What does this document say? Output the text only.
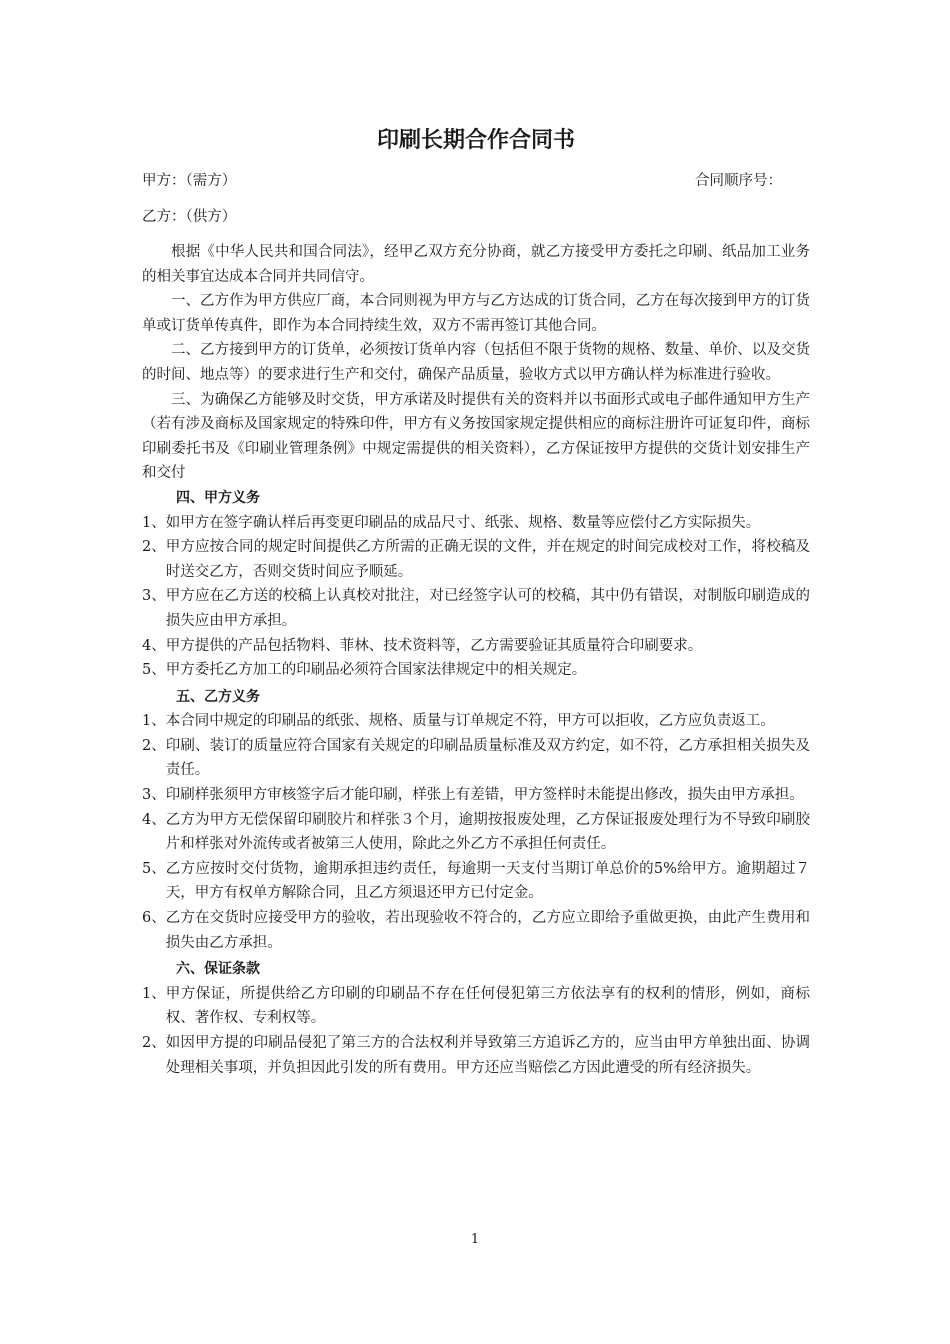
印刷长期合作合同书
甲方：（需方）	合同顺序号：
乙方：（供方）

根据《中华人民共和国合同法》，经甲乙双方充分协商，就乙方接受甲方委托之印刷、纸品加工业务的相关事宜达成本合同并共同信守。

一、乙方作为甲方供应厂商，本合同则视为甲方与乙方达成的订货合同，乙方在每次接到甲方的订货单或订货单传真件，即作为本合同持续生效，双方不需再签订其他合同。

二、乙方接到甲方的订货单，必须按订货单内容（包括但不限于货物的规格、数量、单价、以及交货的时间、地点等）的要求进行生产和交付，确保产品质量，验收方式以甲方确认样为标准进行验收。

三、为确保乙方能够及时交货，甲方承诺及时提供有关的资料并以书面形式或电子邮件通知甲方生产（若有涉及商标及国家规定的特殊印件，甲方有义务按国家规定提供相应的商标注册许可证复印件，商标印刷委托书及《印刷业管理条例》中规定需提供的相关资料），乙方保证按甲方提供的交货计划安排生产和交付

四、甲方义务

1、 如甲方在签字确认样后再变更印刷品的成品尺寸、纸张、规格、数量等应偿付乙方实际损失。
2、 甲方应按合同的规定时间提供乙方所需的正确无误的文件，并在规定的时间完成校对工作，将校稿及时送交乙方，否则交货时间应予顺延。
3、 甲方应在乙方送的校稿上认真校对批注，对已经签字认可的校稿，其中仍有错误，对制版印刷造成的损失应由甲方承担。
4、 甲方提供的产品包括物料、菲林、技术资料等，乙方需要验证其质量符合印刷要求。
5、 甲方委托乙方加工的印刷品必须符合国家法律规定中的相关规定。

五、乙方义务

1、 本合同中规定的印刷品的纸张、规格、质量与订单规定不符，甲方可以拒收，乙方应负责返工。
2、 印刷、装订的质量应符合国家有关规定的印刷品质量标准及双方约定，如不符，乙方承担相关损失及责任。
3、 印刷样张须甲方审核签字后才能印刷，样张上有差错，甲方签样时未能提出修改，损失由甲方承担。
4、 乙方为甲方无偿保留印刷胶片和样张３个月，逾期按报废处理，乙方保证报废处理行为不导致印刷胶片和样张对外流传或者被第三人使用，除此之外乙方不承担任何责任。
5、 乙方应按时交付货物，逾期承担违约责任，每逾期一天支付当期订单总价的5%给甲方。逾期超过７天，甲方有权单方解除合同，且乙方须退还甲方已付定金。
6、 乙方在交货时应接受甲方的验收，若出现验收不符合的，乙方应立即给予重做更换，由此产生费用和损失由乙方承担。

六、保证条款

1、 甲方保证，所提供给乙方印刷的印刷品不存在任何侵犯第三方依法享有的权利的情形，例如，商标权、著作权、专利权等。
2、 如因甲方提的印刷品侵犯了第三方的合法权利并导致第三方追诉乙方的，应当由甲方单独出面、协调处理相关事项，并负担因此引发的所有费用。甲方还应当赔偿乙方因此遭受的所有经济损失。
1
